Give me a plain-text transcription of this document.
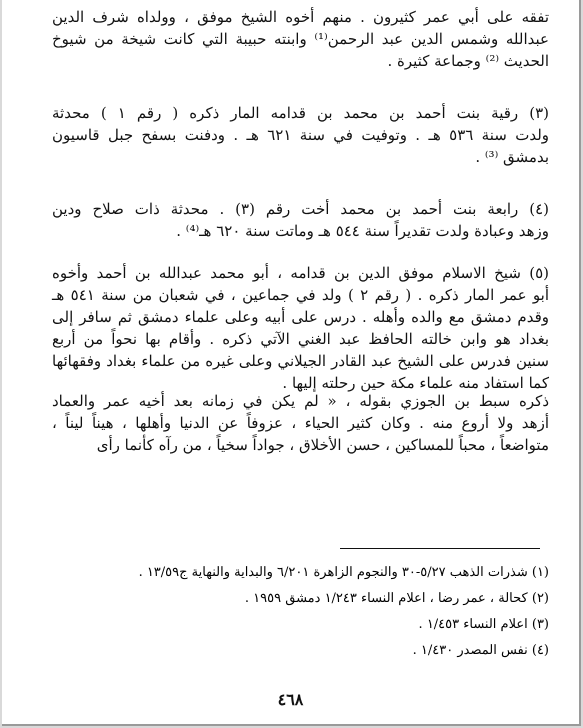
تفقه على أبي عمر كثيرون . منهم أخوه الشيخ موفق ، وولداه شرف الدين
عبدالله وشمس الدين عبد الرحمن⁽¹⁾ وابنته حبيبة التي كانت شيخة من شيوخ
الحديث ⁽²⁾ وجماعة كثيرة .
(٣) رقية بنت أحمد بن محمد بن قدامه المار ذكره ( رقم ١ ) محدثة
ولدت سنة ٥٣٦ هـ . وتوفيت في سنة ٦٢١ هـ . ودفنت بسفح جبل قاسيون
بدمشق ⁽³⁾ .
(٤) رابعة بنت أحمد بن محمد أخت رقم (٣) . محدثة ذات صلاح ودين
وزهد وعبادة ولدت تقديراً سنة ٥٤٤ هـ وماتت سنة ٦٢٠ هـ⁽⁴⁾ .
(٥) شيخ الاسلام موفق الدين بن قدامه ، أبو محمد عبدالله بن أحمد وأخوه
أبو عمر المار ذكره . ( رقم ٢ ) ولد في جماعين ، في شعبان من سنة ٥٤١ هـ
وقدم دمشق مع والده وأهله . درس على أبيه وعلى علماء دمشق ثم سافر إلى
بغداد هو وابن خالته الحافظ عبد الغني الآتي ذكره . وأقام بها نحواً من أربع
سنين فدرس على الشيخ عبد القادر الجيلاني وعلى غيره من علماء بغداد وفقهائها
كما استفاد منه علماء مكة حين رحلته إليها .
ذكره سبط بن الجوزي بقوله ، « لم يكن في زمانه بعد أخيه عمر والعماد
أزهد ولا أروع منه . وكان كثير الحياء ، عزوفاً عن الدنيا وأهلها ، هيناً ليناً ،
متواضعاً ، محباً للمساكين ، حسن الأخلاق ، جواداً سخياً ، من رآه كأنما رأى
(١) شذرات الذهب ٥/٢٧-٣٠ والنجوم الزاهرة ٦/٢٠١ والبداية والنهاية ج١٣/٥٩ .
(٢) كحالة ، عمر رضا ، اعلام النساء ١/٢٤٣ دمشق ١٩٥٩ .
(٣) اعلام النساء ١/٤٥٣ .
(٤) نفس المصدر ١/٤٣٠ .
٤٦٨
